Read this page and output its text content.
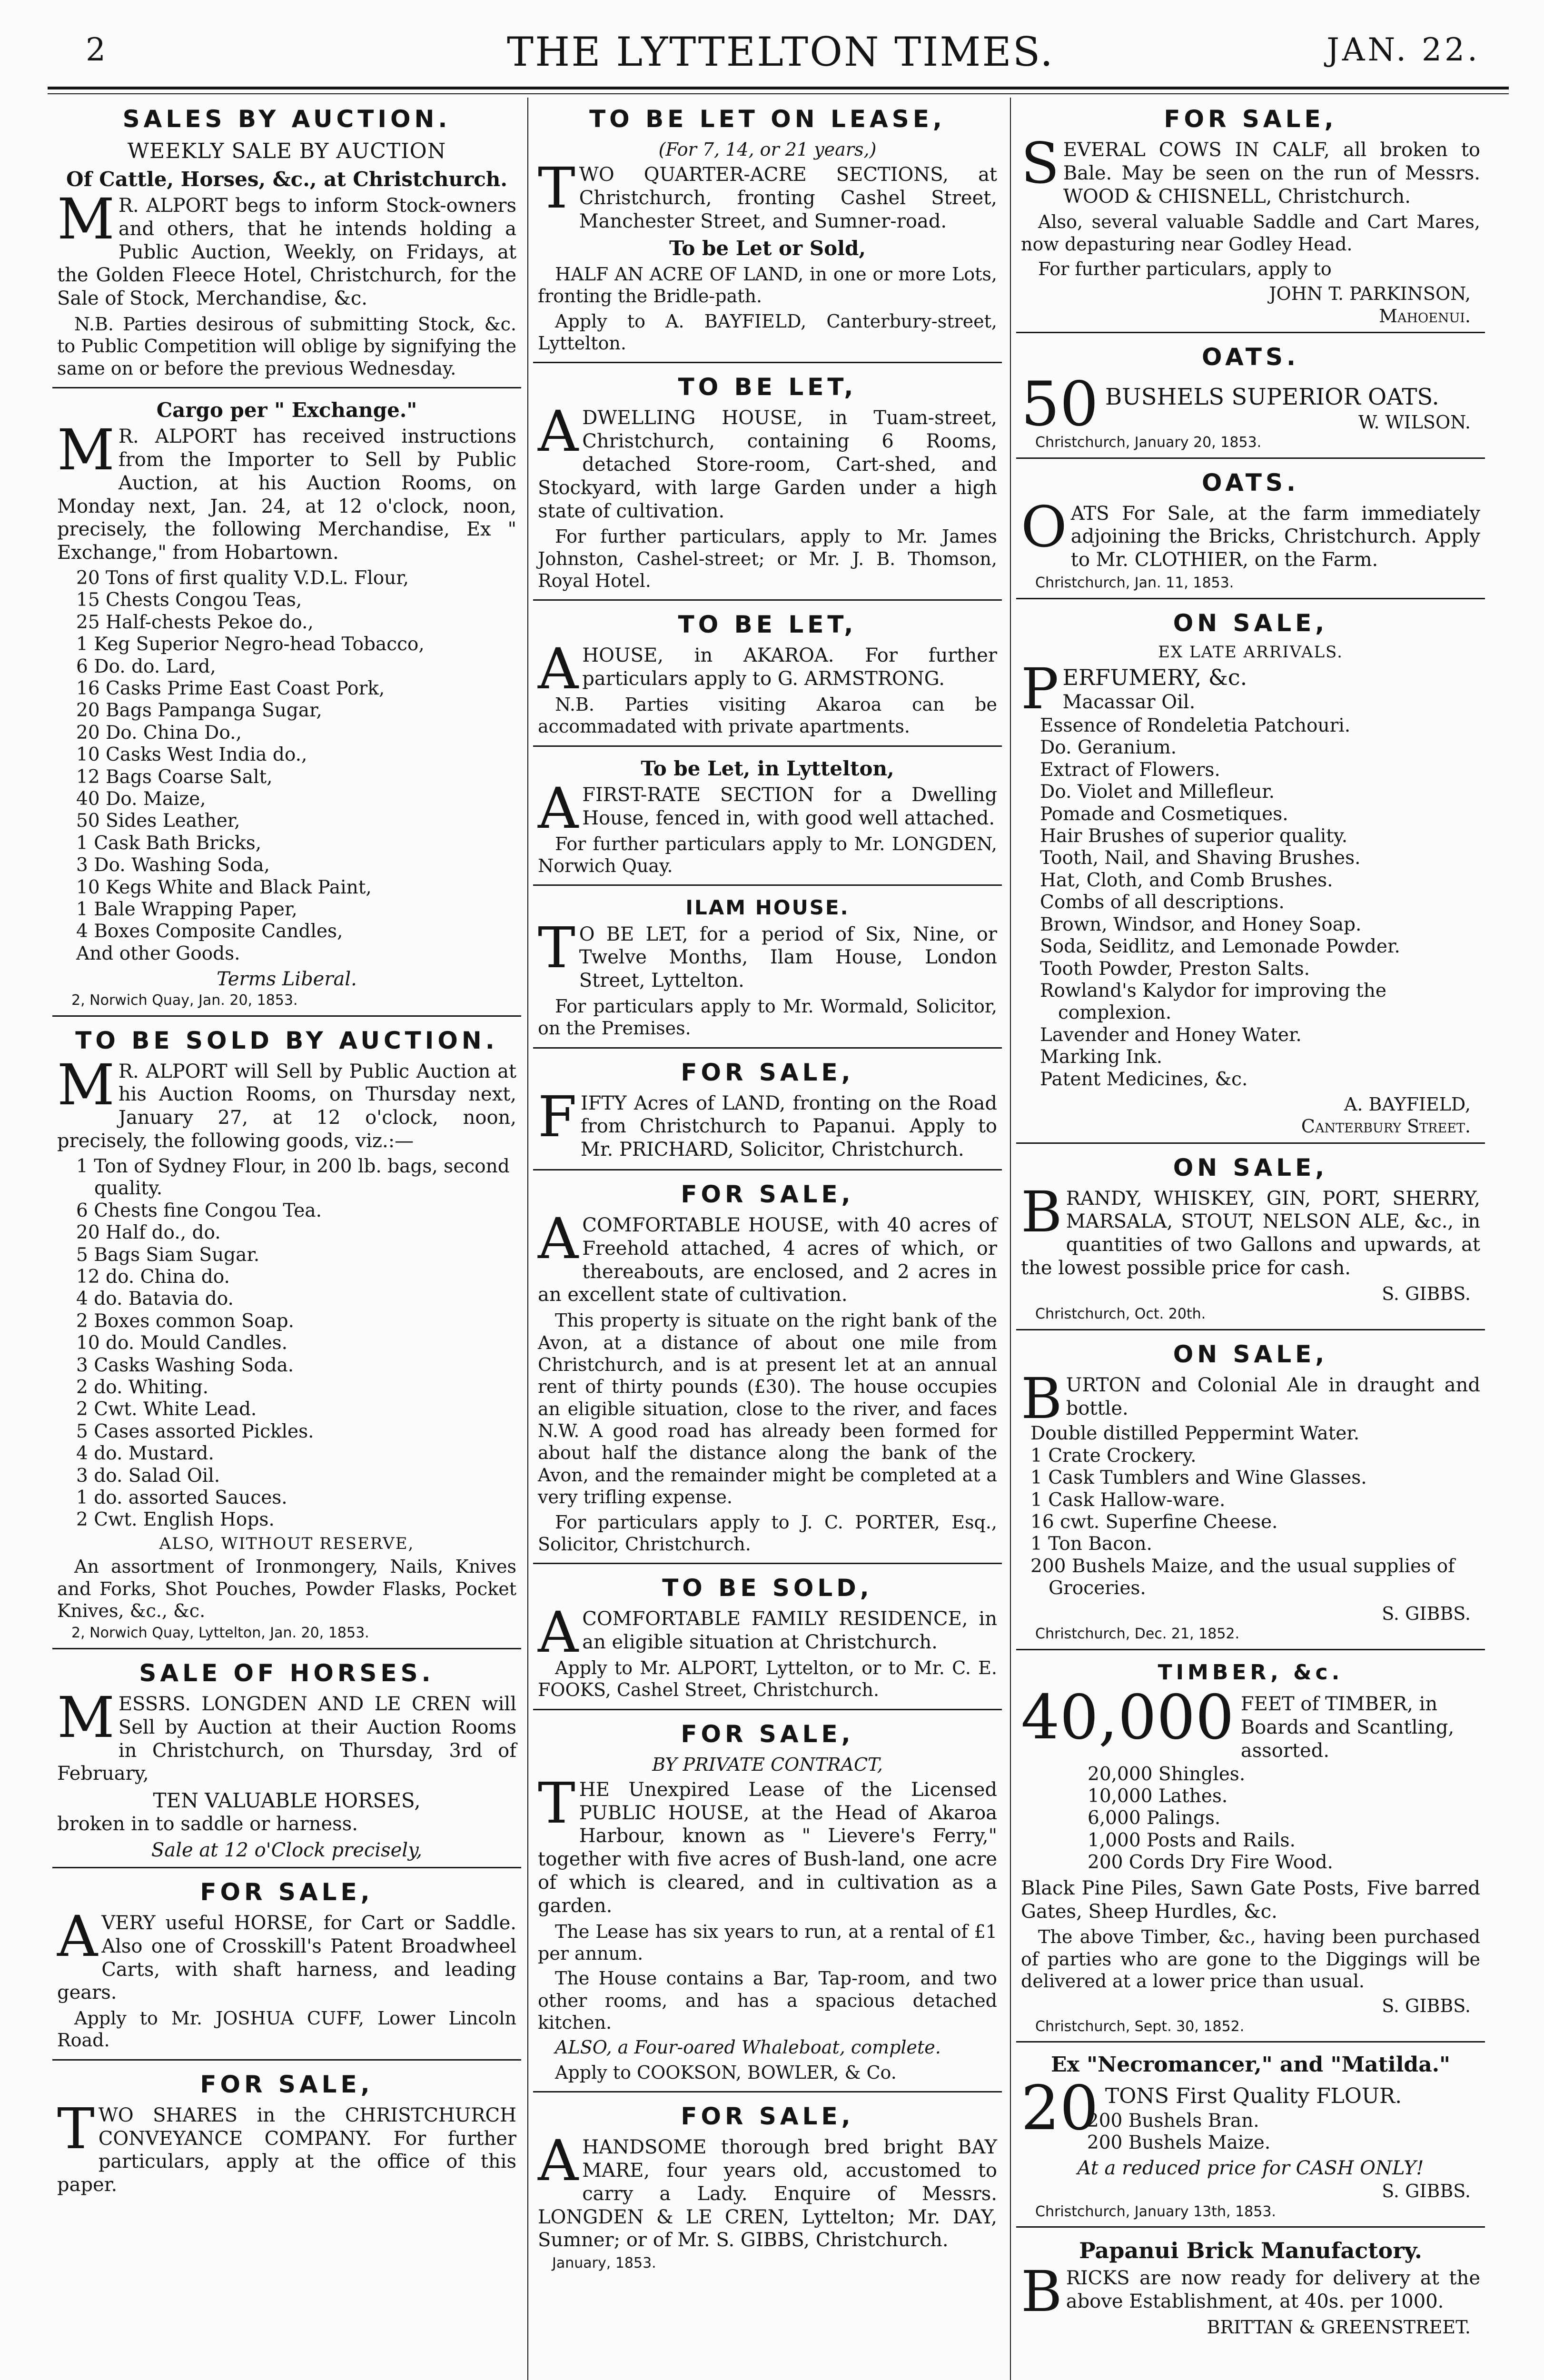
2	THE LYTTELTON TIMES.	JAN. 22.
SALES BY AUCTION.
WEEKLY SALE BY AUCTION
Of Cattle, Horses, &c., at Christchurch.

MR. ALPORT begs to inform Stock-owners and others, that he intends holding a Public Auction, Weekly, on Fridays, at the Golden Fleece Hotel, Christchurch, for the Sale of Stock, Merchandise, &c.

N.B. Parties desirous of submitting Stock, &c. to Public Competition will oblige by signifying the same on or before the previous Wednesday.

Cargo per " Exchange."

MR. ALPORT has received instructions from the Importer to Sell by Public Auction, at his Auction Rooms, on Monday next, Jan. 24, at 12 o'clock, noon, precisely, the following Merchandise, Ex " Exchange," from Hobartown.

20 Tons of first quality V.D.L. Flour,
15 Chests Congou Teas,
25 Half-chests Pekoe do.,
1 Keg Superior Negro-head Tobacco,
6 Do. do. Lard,
16 Casks Prime East Coast Pork,
20 Bags Pampanga Sugar,
20 Do. China Do.,
10 Casks West India do.,
12 Bags Coarse Salt,
40 Do. Maize,
50 Sides Leather,
1 Cask Bath Bricks,
3 Do. Washing Soda,
10 Kegs White and Black Paint,
1 Bale Wrapping Paper,
4 Boxes Composite Candles,
And other Goods.
Terms Liberal.
2, Norwich Quay, Jan. 20, 1853.
TO BE SOLD BY AUCTION.

MR. ALPORT will Sell by Public Auction at his Auction Rooms, on Thursday next, January 27, at 12 o'clock, noon, precisely, the following goods, viz.:—

1 Ton of Sydney Flour, in 200 lb. bags, second quality.
6 Chests fine Congou Tea.
20 Half do., do.
5 Bags Siam Sugar.
12 do. China do.
4 do. Batavia do.
2 Boxes common Soap.
10 do. Mould Candles.
3 Casks Washing Soda.
2 do. Whiting.
2 Cwt. White Lead.
5 Cases assorted Pickles.
4 do. Mustard.
3 do. Salad Oil.
1 do. assorted Sauces.
2 Cwt. English Hops.
ALSO, WITHOUT RESERVE,

An assortment of Ironmongery, Nails, Knives and Forks, Shot Pouches, Powder Flasks, Pocket Knives, &c., &c.

2, Norwich Quay, Lyttelton, Jan. 20, 1853.
SALE OF HORSES.

MESSRS. LONGDEN AND LE CREN will Sell by Auction at their Auction Rooms in Christchurch, on Thursday, 3rd of February,

TEN VALUABLE HORSES,

broken in to saddle or harness.

Sale at 12 o'Clock precisely,
FOR SALE,

AVERY useful HORSE, for Cart or Saddle. Also one of Crosskill's Patent Broadwheel Carts, with shaft harness, and leading gears.

Apply to Mr. JOSHUA CUFF, Lower Lincoln Road.

FOR SALE,

TWO SHARES in the CHRISTCHURCH CONVEYANCE COMPANY. For further particulars, apply at the office of this paper.

TO BE LET ON LEASE,
(For 7, 14, or 21 years,)

TWO QUARTER-ACRE SECTIONS, at Christchurch, fronting Cashel Street, Manchester Street, and Sumner-road.

To be Let or Sold,

HALF AN ACRE OF LAND, in one or more Lots, fronting the Bridle-path.

Apply to A. BAYFIELD, Canterbury-street, Lyttelton.

TO BE LET,

ADWELLING HOUSE, in Tuam-street, Christchurch, containing 6 Rooms, detached Store-room, Cart-shed, and Stockyard, with large Garden under a high state of cultivation.

For further particulars, apply to Mr. James Johnston, Cashel-street; or Mr. J. B. Thomson, Royal Hotel.

TO BE LET,

AHOUSE, in AKAROA. For further particulars apply to G. ARMSTRONG.

N.B. Parties visiting Akaroa can be accommadated with private apartments.

To be Let, in Lyttelton,

AFIRST-RATE SECTION for a Dwelling House, fenced in, with good well attached.

For further particulars apply to Mr. LONGDEN, Norwich Quay.

ILAM HOUSE.

TO BE LET, for a period of Six, Nine, or Twelve Months, Ilam House, London Street, Lyttelton.

For particulars apply to Mr. Wormald, Solicitor, on the Premises.

FOR SALE,

FIFTY Acres of LAND, fronting on the Road from Christchurch to Papanui. Apply to Mr. PRICHARD, Solicitor, Christchurch.

FOR SALE,

ACOMFORTABLE HOUSE, with 40 acres of Freehold attached, 4 acres of which, or thereabouts, are enclosed, and 2 acres in an excellent state of cultivation.

This property is situate on the right bank of the Avon, at a distance of about one mile from Christchurch, and is at present let at an annual rent of thirty pounds (£30). The house occupies an eligible situation, close to the river, and faces N.W. A good road has already been formed for about half the distance along the bank of the Avon, and the remainder might be completed at a very trifling expense.

For particulars apply to J. C. PORTER, Esq., Solicitor, Christchurch.

TO BE SOLD,

ACOMFORTABLE FAMILY RESIDENCE, in an eligible situation at Christchurch.

Apply to Mr. ALPORT, Lyttelton, or to Mr. C. E. FOOKS, Cashel Street, Christchurch.

FOR SALE,
BY PRIVATE CONTRACT,

THE Unexpired Lease of the Licensed PUBLIC HOUSE, at the Head of Akaroa Harbour, known as " Lievere's Ferry," together with five acres of Bush-land, one acre of which is cleared, and in cultivation as a garden.

The Lease has six years to run, at a rental of £1 per annum.

The House contains a Bar, Tap-room, and two other rooms, and has a spacious detached kitchen.

ALSO, a Four-oared Whaleboat, complete.

Apply to COOKSON, BOWLER, & Co.

FOR SALE,

AHANDSOME thorough bred bright BAY MARE, four years old, accustomed to carry a Lady. Enquire of Messrs. LONGDEN & LE CREN, Lyttelton; Mr. DAY, Sumner; or of Mr. S. GIBBS, Christchurch.

January, 1853.
FOR SALE,

SEVERAL COWS IN CALF, all broken to Bale. May be seen on the run of Messrs. WOOD & CHISNELL, Christchurch.

Also, several valuable Saddle and Cart Mares, now depasturing near Godley Head.

For further particulars, apply to

JOHN T. PARKINSON,
Mahoenui.
OATS.
50 BUSHELS SUPERIOR OATS.
W. WILSON.
Christchurch, January 20, 1853.
OATS.

OATS For Sale, at the farm immediately adjoining the Bricks, Christchurch. Apply to Mr. CLOTHIER, on the Farm.

Christchurch, Jan. 11, 1853.
ON SALE,
EX LATE ARRIVALS.

PERFUMERY, &c.

Macassar Oil.
Essence of Rondeletia Patchouri.
Do. Geranium.
Extract of Flowers.
Do. Violet and Millefleur.
Pomade and Cosmetiques.
Hair Brushes of superior quality.
Tooth, Nail, and Shaving Brushes.
Hat, Cloth, and Comb Brushes.
Combs of all descriptions.
Brown, Windsor, and Honey Soap.
Soda, Seidlitz, and Lemonade Powder.
Tooth Powder, Preston Salts.
Rowland's Kalydor for improving the complexion.
Lavender and Honey Water.
Marking Ink.
Patent Medicines, &c.
A. BAYFIELD,
Canterbury Street.
ON SALE,

BRANDY, WHISKEY, GIN, PORT, SHERRY, MARSALA, STOUT, NELSON ALE, &c., in quantities of two Gallons and upwards, at the lowest possible price for cash.

S. GIBBS.
Christchurch, Oct. 20th.
ON SALE,

BURTON and Colonial Ale in draught and bottle.

Double distilled Peppermint Water.
1 Crate Crockery.
1 Cask Tumblers and Wine Glasses.
1 Cask Hallow-ware.
16 cwt. Superfine Cheese.
1 Ton Bacon.
200 Bushels Maize, and the usual supplies of Groceries.
S. GIBBS.
Christchurch, Dec. 21, 1852.
TIMBER, &c.
40,000 FEET of TIMBER, in Boards and Scantling, assorted.
20,000 Shingles.
10,000 Lathes.
6,000 Palings.
1,000 Posts and Rails.
200 Cords Dry Fire Wood.

Black Pine Piles, Sawn Gate Posts, Five barred Gates, Sheep Hurdles, &c.

The above Timber, &c., having been purchased of parties who are gone to the Diggings will be delivered at a lower price than usual.

S. GIBBS.
Christchurch, Sept. 30, 1852.
Ex "Necromancer," and "Matilda."
20 TONS First Quality FLOUR.
200 Bushels Bran.
200 Bushels Maize.
At a reduced price for CASH ONLY!
S. GIBBS.
Christchurch, January 13th, 1853.
Papanui Brick Manufactory.

BRICKS are now ready for delivery at the above Establishment, at 40s. per 1000.

BRITTAN & GREENSTREET.
